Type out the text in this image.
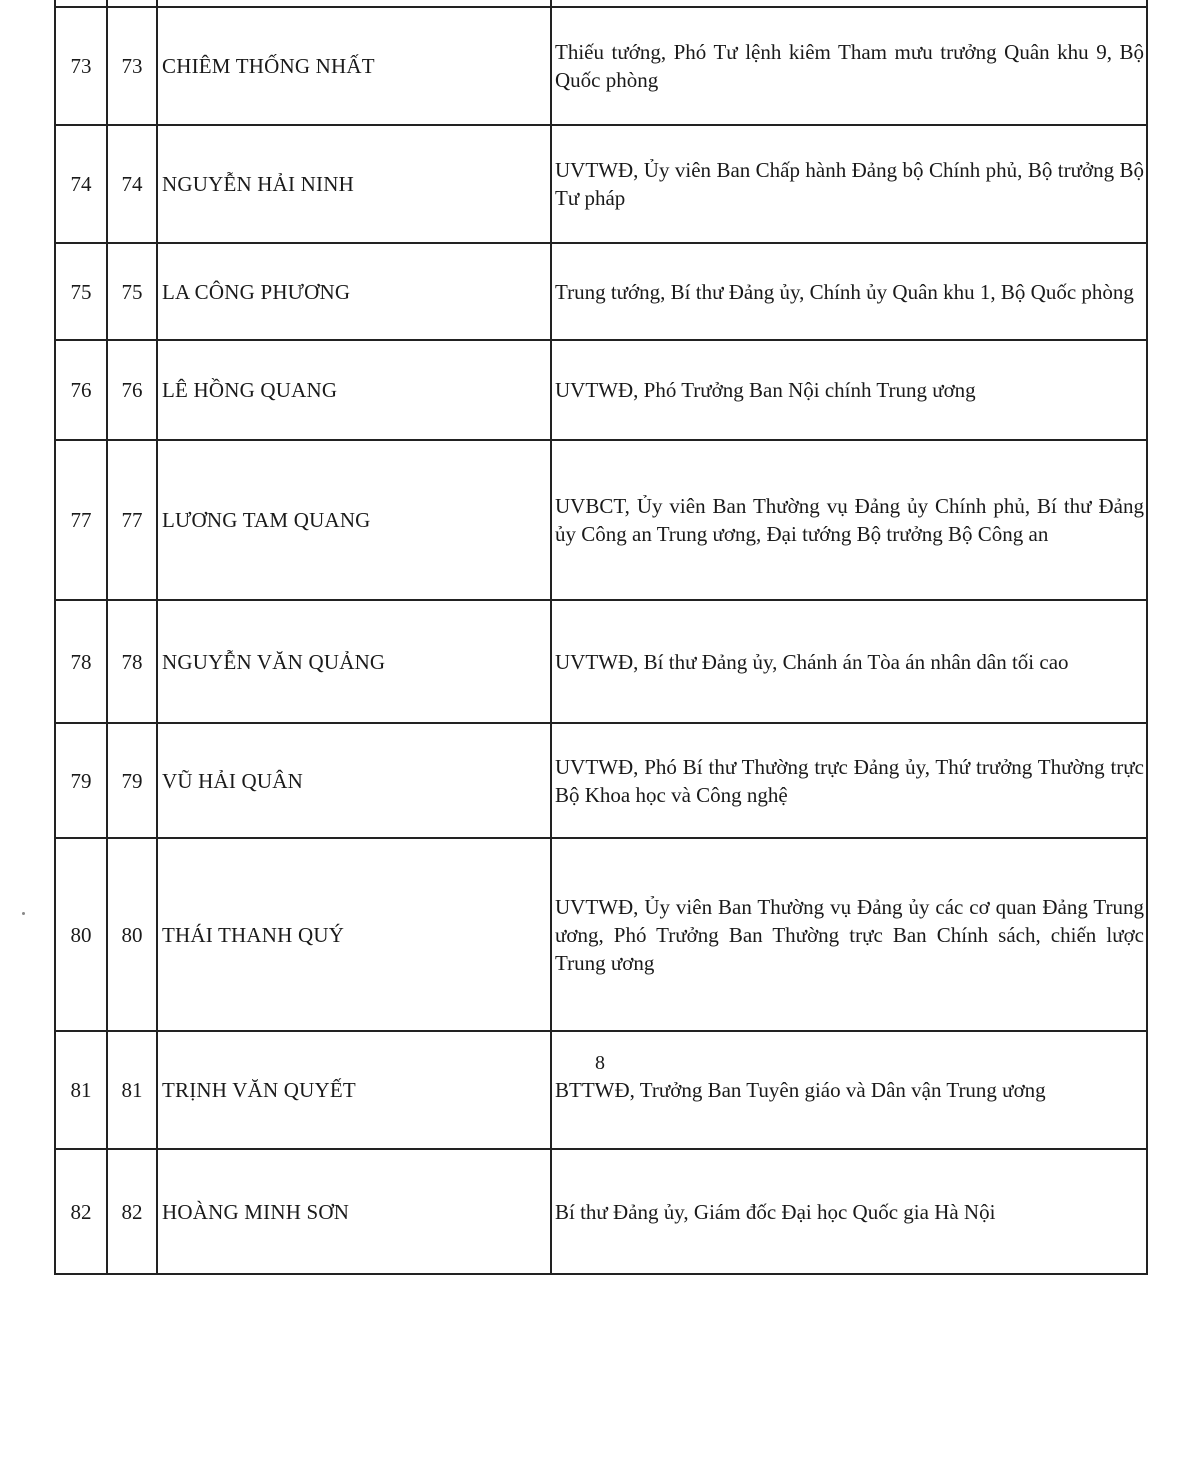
73	73	CHIÊM THỐNG NHẤT	Thiếu tướng, Phó Tư lệnh kiêm Tham mưu trưởng Quân khu 9, Bộ Quốc phòng
74	74	NGUYỄN HẢI NINH	UVTWĐ, Ủy viên Ban Chấp hành Đảng bộ Chính phủ, Bộ trưởng Bộ Tư pháp
75	75	LA CÔNG PHƯƠNG	Trung tướng, Bí thư Đảng ủy, Chính ủy Quân khu 1, Bộ Quốc phòng
76	76	LÊ HỒNG QUANG	UVTWĐ, Phó Trưởng Ban Nội chính Trung ương
77	77	LƯƠNG TAM QUANG	UVBCT, Ủy viên Ban Thường vụ Đảng ủy Chính phủ, Bí thư Đảng ủy Công an Trung ương, Đại tướng Bộ trưởng Bộ Công an
78	78	NGUYỄN VĂN QUẢNG	UVTWĐ, Bí thư Đảng ủy, Chánh án Tòa án nhân dân tối cao
79	79	VŨ HẢI QUÂN	UVTWĐ, Phó Bí thư Thường trực Đảng ủy, Thứ trưởng Thường trực Bộ Khoa học và Công nghệ
80	80	THÁI THANH QUÝ	UVTWĐ, Ủy viên Ban Thường vụ Đảng ủy các cơ quan Đảng Trung ương, Phó Trưởng Ban Thường trực Ban Chính sách, chiến lược Trung ương
81	81	TRỊNH VĂN QUYẾT	BTTWĐ, Trưởng Ban Tuyên giáo và Dân vận Trung ương
82	82	HOÀNG MINH SƠN	Bí thư Đảng ủy, Giám đốc Đại học Quốc gia Hà Nội
8
